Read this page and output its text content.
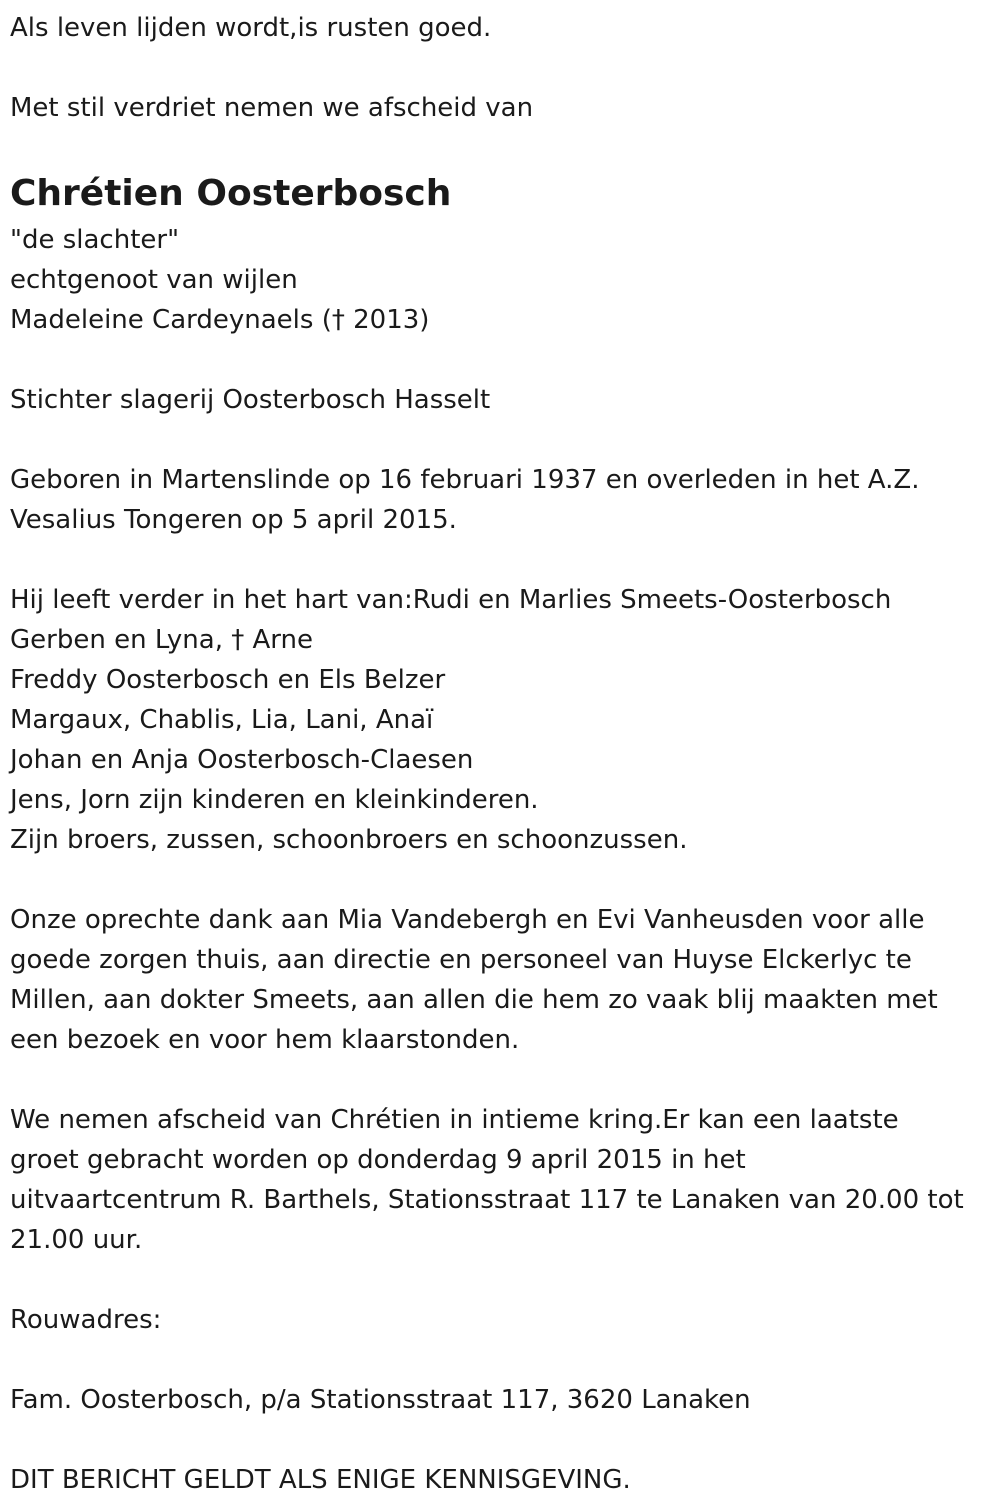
Als leven lijden wordt,is rusten goed.
Met stil verdriet nemen we afscheid van
Chrétien Oosterbosch
"de slachter"
echtgenoot van wijlen
Madeleine Cardeynaels († 2013)
Stichter slagerij Oosterbosch Hasselt
Geboren in Martenslinde op 16 februari 1937 en overleden in het A.Z.
Vesalius Tongeren op 5 april 2015.
Hij leeft verder in het hart van:Rudi en Marlies Smeets-Oosterbosch
Gerben en Lyna, † Arne
Freddy Oosterbosch en Els Belzer
Margaux, Chablis, Lia, Lani, Anaï
Johan en Anja Oosterbosch-Claesen
Jens, Jorn zijn kinderen en kleinkinderen.
Zijn broers, zussen, schoonbroers en schoonzussen.
Onze oprechte dank aan Mia Vandebergh en Evi Vanheusden voor alle
goede zorgen thuis, aan directie en personeel van Huyse Elckerlyc te
Millen, aan dokter Smeets, aan allen die hem zo vaak blij maakten met
een bezoek en voor hem klaarstonden.
We nemen afscheid van Chrétien in intieme kring.Er kan een laatste
groet gebracht worden op donderdag 9 april 2015 in het
uitvaartcentrum R. Barthels, Stationsstraat 117 te Lanaken van 20.00 tot
21.00 uur.
Rouwadres:
Fam. Oosterbosch, p/a Stationsstraat 117, 3620 Lanaken
DIT BERICHT GELDT ALS ENIGE KENNISGEVING.
